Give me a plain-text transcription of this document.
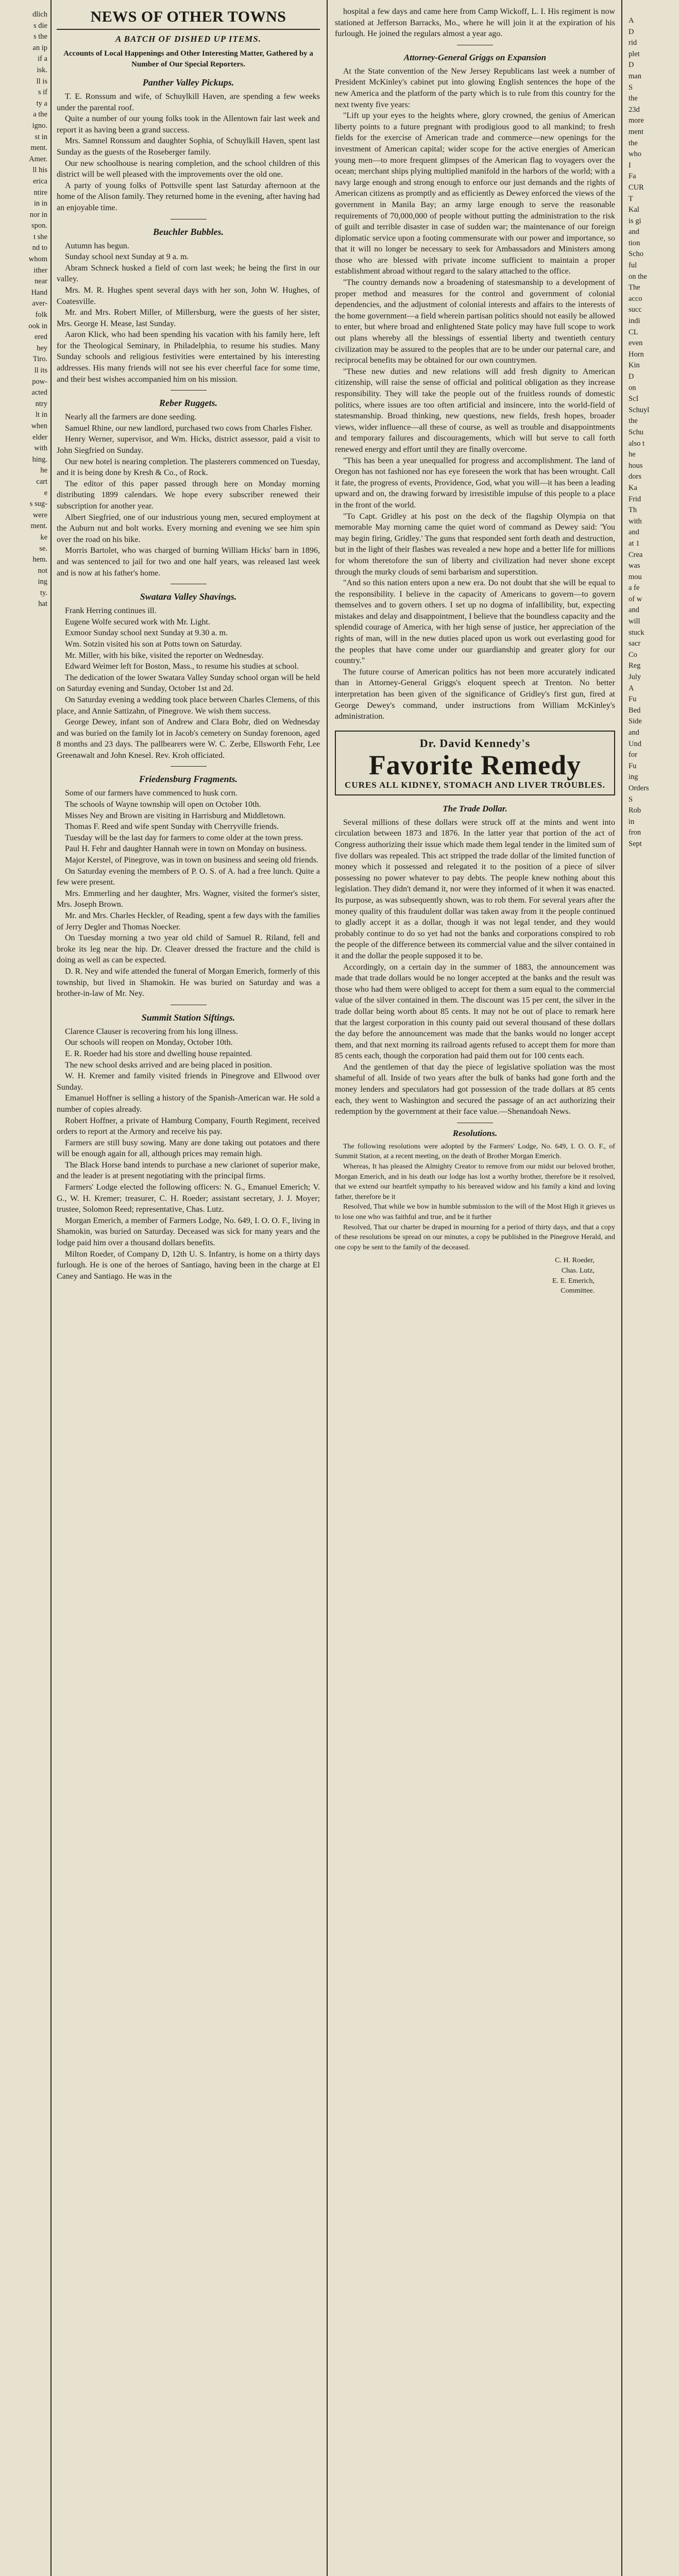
dlich

s die

s the

an ip

if a

isk.

ll is

s if

ty a

a the

igno.

st in

ment.

Amer.

ll his

erica

ntire

in in

nor in

spon.

t she

nd to

whom

ither

near

Hand

aver-

folk

ook in

ered

hey

Tiro.

ll its

pow-

acted

ntry

lt in

when

elder

with

hing.

he

cart

e

s sug-

were

ment.

ke

se.

hem.

not

ing

ty.

hat

NEWS OF OTHER TOWNS
A BATCH OF DISHED UP ITEMS.
Accounts of Local Happenings and Other Interesting Matter, Gathered by a Number of Our Special Reporters.
Panther Valley Pickups.

T. E. Ronssum and wife, of Schuylkill Haven, are spending a few weeks under the parental roof.

Quite a number of our young folks took in the Allentown fair last week and report it as having been a grand success.

Mrs. Samnel Ronssum and daughter Sophia, of Schuylkill Haven, spent last Sunday as the guests of the Roseberger family.

Our new schoolhouse is nearing completion, and the school children of this district will be well pleased with the improvements over the old one.

A party of young folks of Pottsville spent last Saturday afternoon at the home of the Alison family. They returned home in the evening, after having had an enjoyable time.

Beuchler Bubbles.

Autumn has begun.

Sunday school next Sunday at 9 a. m.

Abram Schneck husked a field of corn last week; he being the first in our valley.

Mrs. M. R. Hughes spent several days with her son, John W. Hughes, of Coatesville.

Mr. and Mrs. Robert Miller, of Millersburg, were the guests of her sister, Mrs. George H. Mease, last Sunday.

Aaron Klick, who had been spending his vacation with his family here, left for the Theological Seminary, in Philadelphia, to resume his studies. Many Sunday schools and religious festivities were entertained by his interesting addresses. His many friends will not see his ever cheerful face for some time, and their best wishes accompanied him on his mission.

Reber Ruggets.

Nearly all the farmers are done seeding.

Samuel Rhine, our new landlord, purchased two cows from Charles Fisher.

Henry Werner, supervisor, and Wm. Hicks, district assessor, paid a visit to John Siegfried on Sunday.

Our new hotel is nearing completion. The plasterers commenced on Tuesday, and it is being done by Kresh & Co., of Rock.

The editor of this paper passed through here on Monday morning distributing 1899 calendars. We hope every subscriber renewed their subscription for another year.

Albert Siegfried, one of our industrious young men, secured employment at the Auburn nut and bolt works. Every morning and evening we see him spin over the road on his bike.

Morris Bartolet, who was charged of burning William Hicks' barn in 1896, and was sentenced to jail for two and one half years, was released last week and is now at his father's home.

Swatara Valley Shavings.

Frank Herring continues ill.

Eugene Wolfe secured work with Mr. Light.

Exmoor Sunday school next Sunday at 9.30 a. m.

Wm. Sotzin visited his son at Potts town on Saturday.

Mr. Miller, with his bike, visited the reporter on Wednesday.

Edward Weimer left for Boston, Mass., to resume his studies at school.

The dedication of the lower Swatara Valley Sunday school organ will be held on Saturday evening and Sunday, October 1st and 2d.

On Saturday evening a wedding took place between Charles Clemens, of this place, and Annie Sattizahn, of Pinegrove. We wish them success.

George Dewey, infant son of Andrew and Clara Bohr, died on Wednesday and was buried on the family lot in Jacob's cemetery on Sunday forenoon, aged 8 months and 23 days. The pallbearers were W. C. Zerbe, Ellsworth Fehr, Lee Greenawalt and John Knesel. Rev. Kroh officiated.

Friedensburg Fragments.

Some of our farmers have commenced to husk corn.

The schools of Wayne township will open on October 10th.

Misses Ney and Brown are visiting in Harrisburg and Middletown.

Thomas F. Reed and wife spent Sunday with Cherryville friends.

Tuesday will be the last day for farmers to come older at the town press.

Paul H. Fehr and daughter Hannah were in town on Monday on business.

Major Kerstel, of Pinegrove, was in town on business and seeing old friends.

On Saturday evening the members of P. O. S. of A. had a free lunch. Quite a few were present.

Mrs. Emmerling and her daughter, Mrs. Wagner, visited the former's sister, Mrs. Joseph Brown.

Mr. and Mrs. Charles Heckler, of Reading, spent a few days with the families of Jerry Degler and Thomas Noecker.

On Tuesday morning a two year old child of Samuel R. Riland, fell and broke its leg near the hip. Dr. Cleaver dressed the fracture and the child is doing as well as can be expected.

D. R. Ney and wife attended the funeral of Morgan Emerich, formerly of this township, but lived in Shamokin. He was buried on Saturday and was a brother-in-law of Mr. Ney.

Summit Station Siftings.

Clarence Clauser is recovering from his long illness.

Our schools will reopen on Monday, October 10th.

E. R. Roeder had his store and dwelling house repainted.

The new school desks arrived and are being placed in position.

W. H. Kremer and family visited friends in Pinegrove and Ellwood over Sunday.

Emanuel Hoffner is selling a history of the Spanish-American war. He sold a number of copies already.

Robert Hoffner, a private of Hamburg Company, Fourth Regiment, received orders to report at the Armory and receive his pay.

Farmers are still busy sowing. Many are done taking out potatoes and there will be enough again for all, although prices may remain high.

The Black Horse band intends to purchase a new clarionet of superior make, and the leader is at present negotiating with the principal firms.

Farmers' Lodge elected the following officers: N. G., Emanuel Emerich; V. G., W. H. Kremer; treasurer, C. H. Roeder; assistant secretary, J. J. Moyer; trustee, Solomon Reed; representative, Chas. Lutz.

Morgan Emerich, a member of Farmers Lodge, No. 649, I. O. O. F., living in Shamokin, was buried on Saturday. Deceased was sick for many years and the lodge paid him over a thousand dollars benefits.

Milton Roeder, of Company D, 12th U. S. Infantry, is home on a thirty days furlough. He is one of the heroes of Santiago, having been in the charge at El Caney and Santiago. He was in the

hospital a few days and came here from Camp Wickoff, L. I. His regiment is now stationed at Jefferson Barracks, Mo., where he will join it at the expiration of his furlough. He joined the regulars almost a year ago.

Attorney-General Griggs on Expansion

At the State convention of the New Jersey Republicans last week a number of President McKinley's cabinet put into glowing English sentences the hope of the new America and the platform of the party which is to rule from this country for the next twenty five years:

"Lift up your eyes to the heights where, glory crowned, the genius of American liberty points to a future pregnant with prodigious good to all mankind; to fresh fields for the exercise of American trade and commerce—new openings for the investment of American capital; wider scope for the active energies of American young men—to more frequent glimpses of the American flag to voyagers over the ocean; merchant ships plying multiplied manifold in the harbors of the world; with a navy large enough and strong enough to enforce our just demands and the rights of American citizens as promptly and as efficiently as Dewey enforced the views of the government in Manila Bay; an army large enough to serve the reasonable requirements of 70,000,000 of people without putting the administration to the risk of guilt and terrible disaster in case of sudden war; the maintenance of our foreign diplomatic service upon a footing commensurate with our power and importance, so that it will no longer be necessary to seek for Ambassadors and Ministers among those who are blessed with private income sufficient to maintain a proper establishment abroad without regard to the salary attached to the office.

"The country demands now a broadening of statesmanship to a development of proper method and measures for the control and government of colonial dependencies, and the adjustment of colonial interests and affairs to the interests of the home government—a field wherein partisan politics should not easily be allowed to enter, but where broad and enlightened State policy may have full scope to work out plans whereby all the blessings of essential liberty and twentieth century civilization may be assured to the peoples that are to be under our paternal care, and reciprocal benefits may be obtained for our own countrymen.

"These new duties and new relations will add fresh dignity to American citizenship, will raise the sense of official and political obligation as they increase responsibility. They will take the people out of the fruitless rounds of domestic politics, where issues are too often artificial and insincere, into the world-field of statesmanship. Broad thinking, new questions, new fields, fresh hopes, broader views, wider influence—all these of course, as well as trouble and disappointments and temporary failures and discouragements, which will but serve to call forth renewed energy and effort until they are finally overcome.

"This has been a year unequalled for progress and accomplishment. The land of Oregon has not fashioned nor has eye foreseen the work that has been wrought. Call it fate, the progress of events, Providence, God, what you will—it has been a leading upward and on, the drawing forward by irresistible impulse of this people to a place in the front of the world.

"To Capt. Gridley at his post on the deck of the flagship Olympia on that memorable May morning came the quiet word of command as Dewey said: 'You may begin firing, Gridley.' The guns that responded sent forth death and destruction, but in the light of their flashes was revealed a new hope and a better life for millions for whom theretofore the sun of liberty and civilization had never shone except through the murky clouds of semi barbarism and superstition.

"And so this nation enters upon a new era. Do not doubt that she will be equal to the responsibility. I believe in the capacity of Americans to govern—to govern themselves and to govern others. I set up no dogma of infallibility, but, expecting mistakes and delay and disappointment, I believe that the boundless capacity and the splendid courage of America, with her high sense of justice, her appreciation of the rights of man, will in the new duties placed upon us work out everlasting good for the peoples that have come under our guardianship and greater glory for our country."

The future course of American politics has not been more accurately indicated than in Attorney-General Griggs's eloquent speech at Trenton. No better interpretation has been given of the significance of Gridley's first gun, fired at George Dewey's command, under instructions from William McKinley's administration.

Dr. David Kennedy's
Favorite Remedy
CURES ALL KIDNEY, STOMACH AND LIVER TROUBLES.
The Trade Dollar.

Several millions of these dollars were struck off at the mints and went into circulation between 1873 and 1876. In the latter year that portion of the act of Congress authorizing their issue which made them legal tender in the limited sum of five dollars was repealed. This act stripped the trade dollar of the limited function of money which it possessed and relegated it to the position of a piece of silver possessing no power whatever to pay debts. The people knew nothing about this legislation. They didn't demand it, nor were they informed of it when it was enacted. Its purpose, as was subsequently shown, was to rob them. For several years after the money quality of this fraudulent dollar was taken away from it the people continued to gladly accept it as a dollar, though it was not legal tender, and they would probably continue to do so yet had not the banks and corporations conspired to rob the people of the difference between its commercial value and the silver contained in it and the dollar the people supposed it to be.

Accordingly, on a certain day in the summer of 1883, the announcement was made that trade dollars would be no longer accepted at the banks and the result was those who had them were obliged to accept for them a sum equal to the commercial value of the silver contained in them. The discount was 15 per cent, the silver in the trade dollar being worth about 85 cents. It may not be out of place to remark here that the largest corporation in this county paid out several thousand of these dollars the day before the announcement was made that the banks would no longer accept them, and that next morning its railroad agents refused to accept them for more than 85 cents each, though the corporation had paid them out for 100 cents each.

And the gentlemen of that day the piece of legislative spoliation was the most shameful of all. Inside of two years after the bulk of banks had gone forth and the money lenders and speculators had got possession of the trade dollars at 85 cents each, they went to Washington and secured the passage of an act authorizing their redemption by the government at their face value.—Shenandoah News.

Resolutions.

The following resolutions were adopted by the Farmers' Lodge, No. 649, I. O. O. F., of Summit Station, at a recent meeting, on the death of Brother Morgan Emerich.

Whereas, It has pleased the Almighty Creator to remove from our midst our beloved brother, Morgan Emerich, and in his death our lodge has lost a worthy brother, therefore be it resolved, that we extend our heartfelt sympathy to his bereaved widow and his family a kind and loving father, therefore be it

Resolved, That while we bow in humble submission to the will of the Most High it grieves us to lose one who was faithful and true, and be it further

Resolved, That our charter be draped in mourning for a period of thirty days, and that a copy of these resolutions be spread on our minutes, a copy be published in the Pinegrove Herald, and one copy be sent to the family of the deceased.

C. H. Roeder,
Chas. Lutz,
E. E. Emerich,
Committee.

A

D

rid

plet

D

man

S

the

23d

more

ment

the

who

I

Fa

CUR

T

Kal

is gi

and

tion

Scho

ful

on the

The

acco

succ

indi

CL

even

Horn

Kin

D

on

ScI

Schuyl

the

Schu

also t

he

hous

dors

Ka

Frid

Th

with

and

at 1

Crea

was

mou

a fe

of w

and

will

stuck

sacr

Co

Reg

July

A

Fu

Bed

Side

and

Und

for

Fu

ing

Orders

S

Rob

in

fron

Sept
